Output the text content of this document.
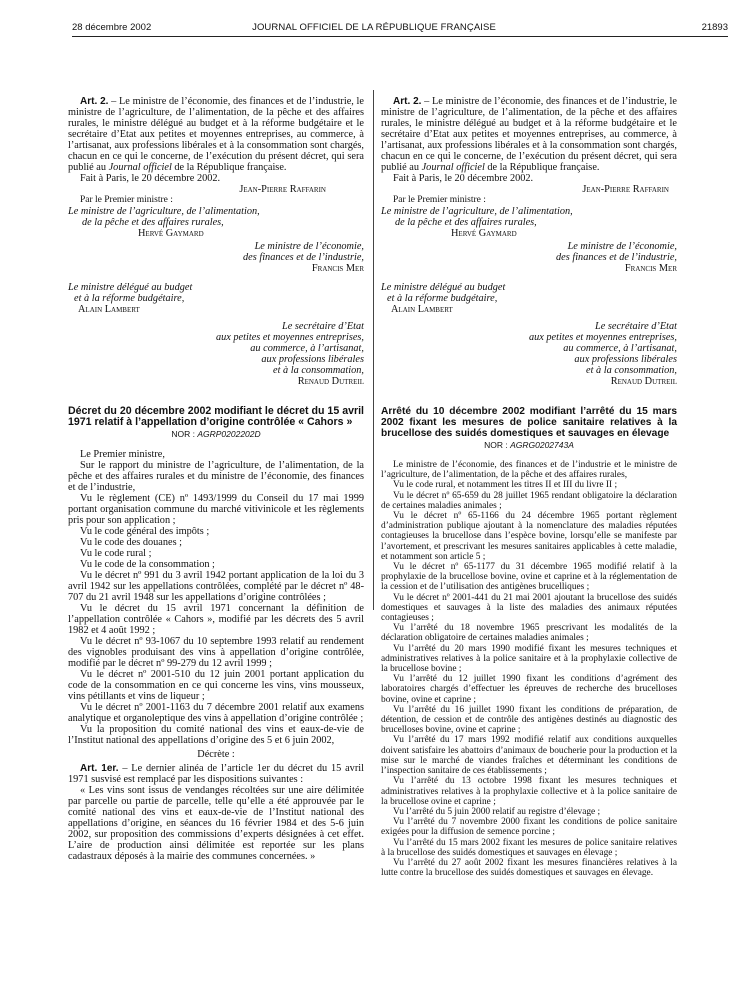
28 décembre 2002	JOURNAL OFFICIEL DE LA RÉPUBLIQUE FRANÇAISE	21893

Art. 2. – Le ministre de l’économie, des finances et de l’industrie, le ministre de l’agriculture, de l’alimentation, de la pêche et des affaires rurales, le ministre délégué au budget et à la réforme budgétaire et le secrétaire d’Etat aux petites et moyennes entreprises, au commerce, à l’artisanat, aux professions libérales et à la consommation sont chargés, chacun en ce qui le concerne, de l’exécution du présent décret, qui sera publié au Journal officiel de la République française.

Fait à Paris, le 20 décembre 2002.

Jean-Pierre Raffarin

Par le Premier ministre :

Le ministre de l’agriculture, de l’alimentation,

de la pêche et des affaires rurales,

Hervé Gaymard

Le ministre de l’économie,

des finances et de l’industrie,

Francis Mer

Le ministre délégué au budget

et à la réforme budgétaire,

Alain Lambert

Le secrétaire d’Etat

aux petites et moyennes entreprises,

au commerce, à l’artisanat,

aux professions libérales

et à la consommation,

Renaud Dutreil

Décret du 20 décembre 2002 modifiant le décret du 15 avril 1971 relatif à l’appellation d’origine contrôlée « Cahors »

NOR : AGRP0202202D

Le Premier ministre,

Sur le rapport du ministre de l’agriculture, de l’alimentation, de la pêche et des affaires rurales et du ministre de l’économie, des finances et de l’industrie,

Vu le règlement (CE) nº 1493/1999 du Conseil du 17 mai 1999 portant organisation commune du marché vitivinicole et les règlements pris pour son application ;

Vu le code général des impôts ;

Vu le code des douanes ;

Vu le code rural ;

Vu le code de la consommation ;

Vu le décret nº 991 du 3 avril 1942 portant application de la loi du 3 avril 1942 sur les appellations contrôlées, complété par le décret nº 48-707 du 21 avril 1948 sur les appellations d’origine contrôlées ;

Vu le décret du 15 avril 1971 concernant la définition de l’appellation contrôlée « Cahors », modifié par les décrets des 5 avril 1982 et 4 août 1992 ;

Vu le décret nº 93-1067 du 10 septembre 1993 relatif au rendement des vignobles produisant des vins à appellation d’origine contrôlée, modifié par le décret nº 99-279 du 12 avril 1999 ;

Vu le décret nº 2001-510 du 12 juin 2001 portant application du code de la consommation en ce qui concerne les vins, vins mousseux, vins pétillants et vins de liqueur ;

Vu le décret nº 2001-1163 du 7 décembre 2001 relatif aux examens analytique et organoleptique des vins à appellation d’origine contrôlée ;

Vu la proposition du comité national des vins et eaux-de-vie de l’Institut national des appellations d’origine des 5 et 6 juin 2002,

Décrète :

Art. 1er. – Le dernier alinéa de l’article 1er du décret du 15 avril 1971 susvisé est remplacé par les dispositions suivantes :

« Les vins sont issus de vendanges récoltées sur une aire délimitée par parcelle ou partie de parcelle, telle qu’elle a été approuvée par le comité national des vins et eaux-de-vie de l’Institut national des appellations d’origine, en séances du 16 février 1984 et des 5-6 juin 2002, sur proposition des commissions d’experts désignées à cet effet. L’aire de production ainsi délimitée est reportée sur les plans cadastraux déposés à la mairie des communes concernées. »

Art. 2. – Le ministre de l’économie, des finances et de l’industrie, le ministre de l’agriculture, de l’alimentation, de la pêche et des affaires rurales, le ministre délégué au budget et à la réforme budgétaire et le secrétaire d’Etat aux petites et moyennes entreprises, au commerce, à l’artisanat, aux professions libérales et à la consommation sont chargés, chacun en ce qui le concerne, de l’exécution du présent décret, qui sera publié au Journal officiel de la République française.

Fait à Paris, le 20 décembre 2002.

Jean-Pierre Raffarin

Par le Premier ministre :

Le ministre de l’agriculture, de l’alimentation,

de la pêche et des affaires rurales,

Hervé Gaymard

Le ministre de l’économie,

des finances et de l’industrie,

Francis Mer

Le ministre délégué au budget

et à la réforme budgétaire,

Alain Lambert

Le secrétaire d’Etat

aux petites et moyennes entreprises,

au commerce, à l’artisanat,

aux professions libérales

et à la consommation,

Renaud Dutreil

Arrêté du 10 décembre 2002 modifiant l’arrêté du 15 mars 2002 fixant les mesures de police sanitaire relatives à la brucellose des suidés domestiques et sauvages en élevage

NOR : AGRG0202743A

Le ministre de l’économie, des finances et de l’industrie et le ministre de l’agriculture, de l’alimentation, de la pêche et des affaires rurales,

Vu le code rural, et notamment les titres II et III du livre II ;

Vu le décret nº 65-659 du 28 juillet 1965 rendant obligatoire la déclaration de certaines maladies animales ;

Vu le décret nº 65-1166 du 24 décembre 1965 portant règlement d’administration publique ajoutant à la nomenclature des maladies réputées contagieuses la brucellose dans l’espèce bovine, lorsqu’elle se manifeste par l’avortement, et prescrivant les mesures sanitaires applicables à cette maladie, et notamment son article 5 ;

Vu le décret nº 65-1177 du 31 décembre 1965 modifié relatif à la prophylaxie de la brucellose bovine, ovine et caprine et à la réglementation de la cession et de l’utilisation des antigènes brucelliques ;

Vu le décret nº 2001-441 du 21 mai 2001 ajoutant la brucellose des suidés domestiques et sauvages à la liste des maladies des animaux réputées contagieuses ;

Vu l’arrêté du 18 novembre 1965 prescrivant les modalités de la déclaration obligatoire de certaines maladies animales ;

Vu l’arrêté du 20 mars 1990 modifié fixant les mesures techniques et administratives relatives à la police sanitaire et à la prophylaxie collective de la brucellose bovine ;

Vu l’arrêté du 12 juillet 1990 fixant les conditions d’agrément des laboratoires chargés d’effectuer les épreuves de recherche des brucelloses bovine, ovine et caprine ;

Vu l’arrêté du 16 juillet 1990 fixant les conditions de préparation, de détention, de cession et de contrôle des antigènes destinés au diagnostic des brucelloses bovine, ovine et caprine ;

Vu l’arrêté du 17 mars 1992 modifié relatif aux conditions auxquelles doivent satisfaire les abattoirs d’animaux de boucherie pour la production et la mise sur le marché de viandes fraîches et déterminant les conditions de l’inspection sanitaire de ces établissements ;

Vu l’arrêté du 13 octobre 1998 fixant les mesures techniques et administratives relatives à la prophylaxie collective et à la police sanitaire de la brucellose ovine et caprine ;

Vu l’arrêté du 5 juin 2000 relatif au registre d’élevage ;

Vu l’arrêté du 7 novembre 2000 fixant les conditions de police sanitaire exigées pour la diffusion de semence porcine ;

Vu l’arrêté du 15 mars 2002 fixant les mesures de police sanitaire relatives à la brucellose des suidés domestiques et sauvages en élevage ;

Vu l’arrêté du 27 août 2002 fixant les mesures financières relatives à la lutte contre la brucellose des suidés domestiques et sauvages en élevage.
